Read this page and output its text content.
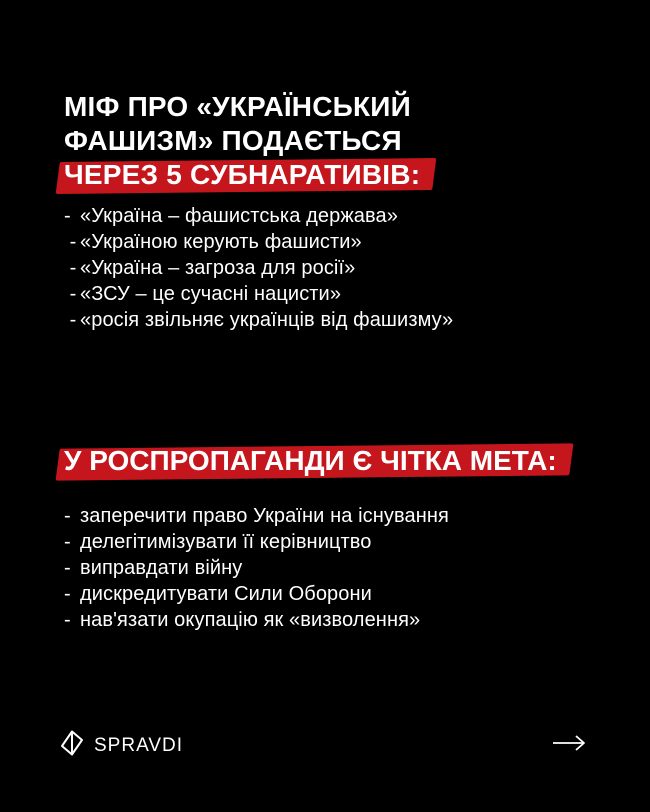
МІФ ПРО «УКРАЇНСЬКИЙ
ФАШИЗМ» ПОДАЄТЬСЯ
ЧЕРЕЗ 5 СУБНАРАТИВІВ:
- «Україна – фашистська держава»
- «Україною керують фашисти»
- «Україна – загроза для росії»
- «ЗСУ – це сучасні нацисти»
- «росія звільняє українців від фашизму»
У РОСПРОПАГАНДИ Є ЧІТКА МЕТА:
- заперечити право України на існування
- делегітимізувати її керівництво
- виправдати війну
- дискредитувати Сили Оборони
- нав'язати окупацію як «визволення»
SPRAVDI
